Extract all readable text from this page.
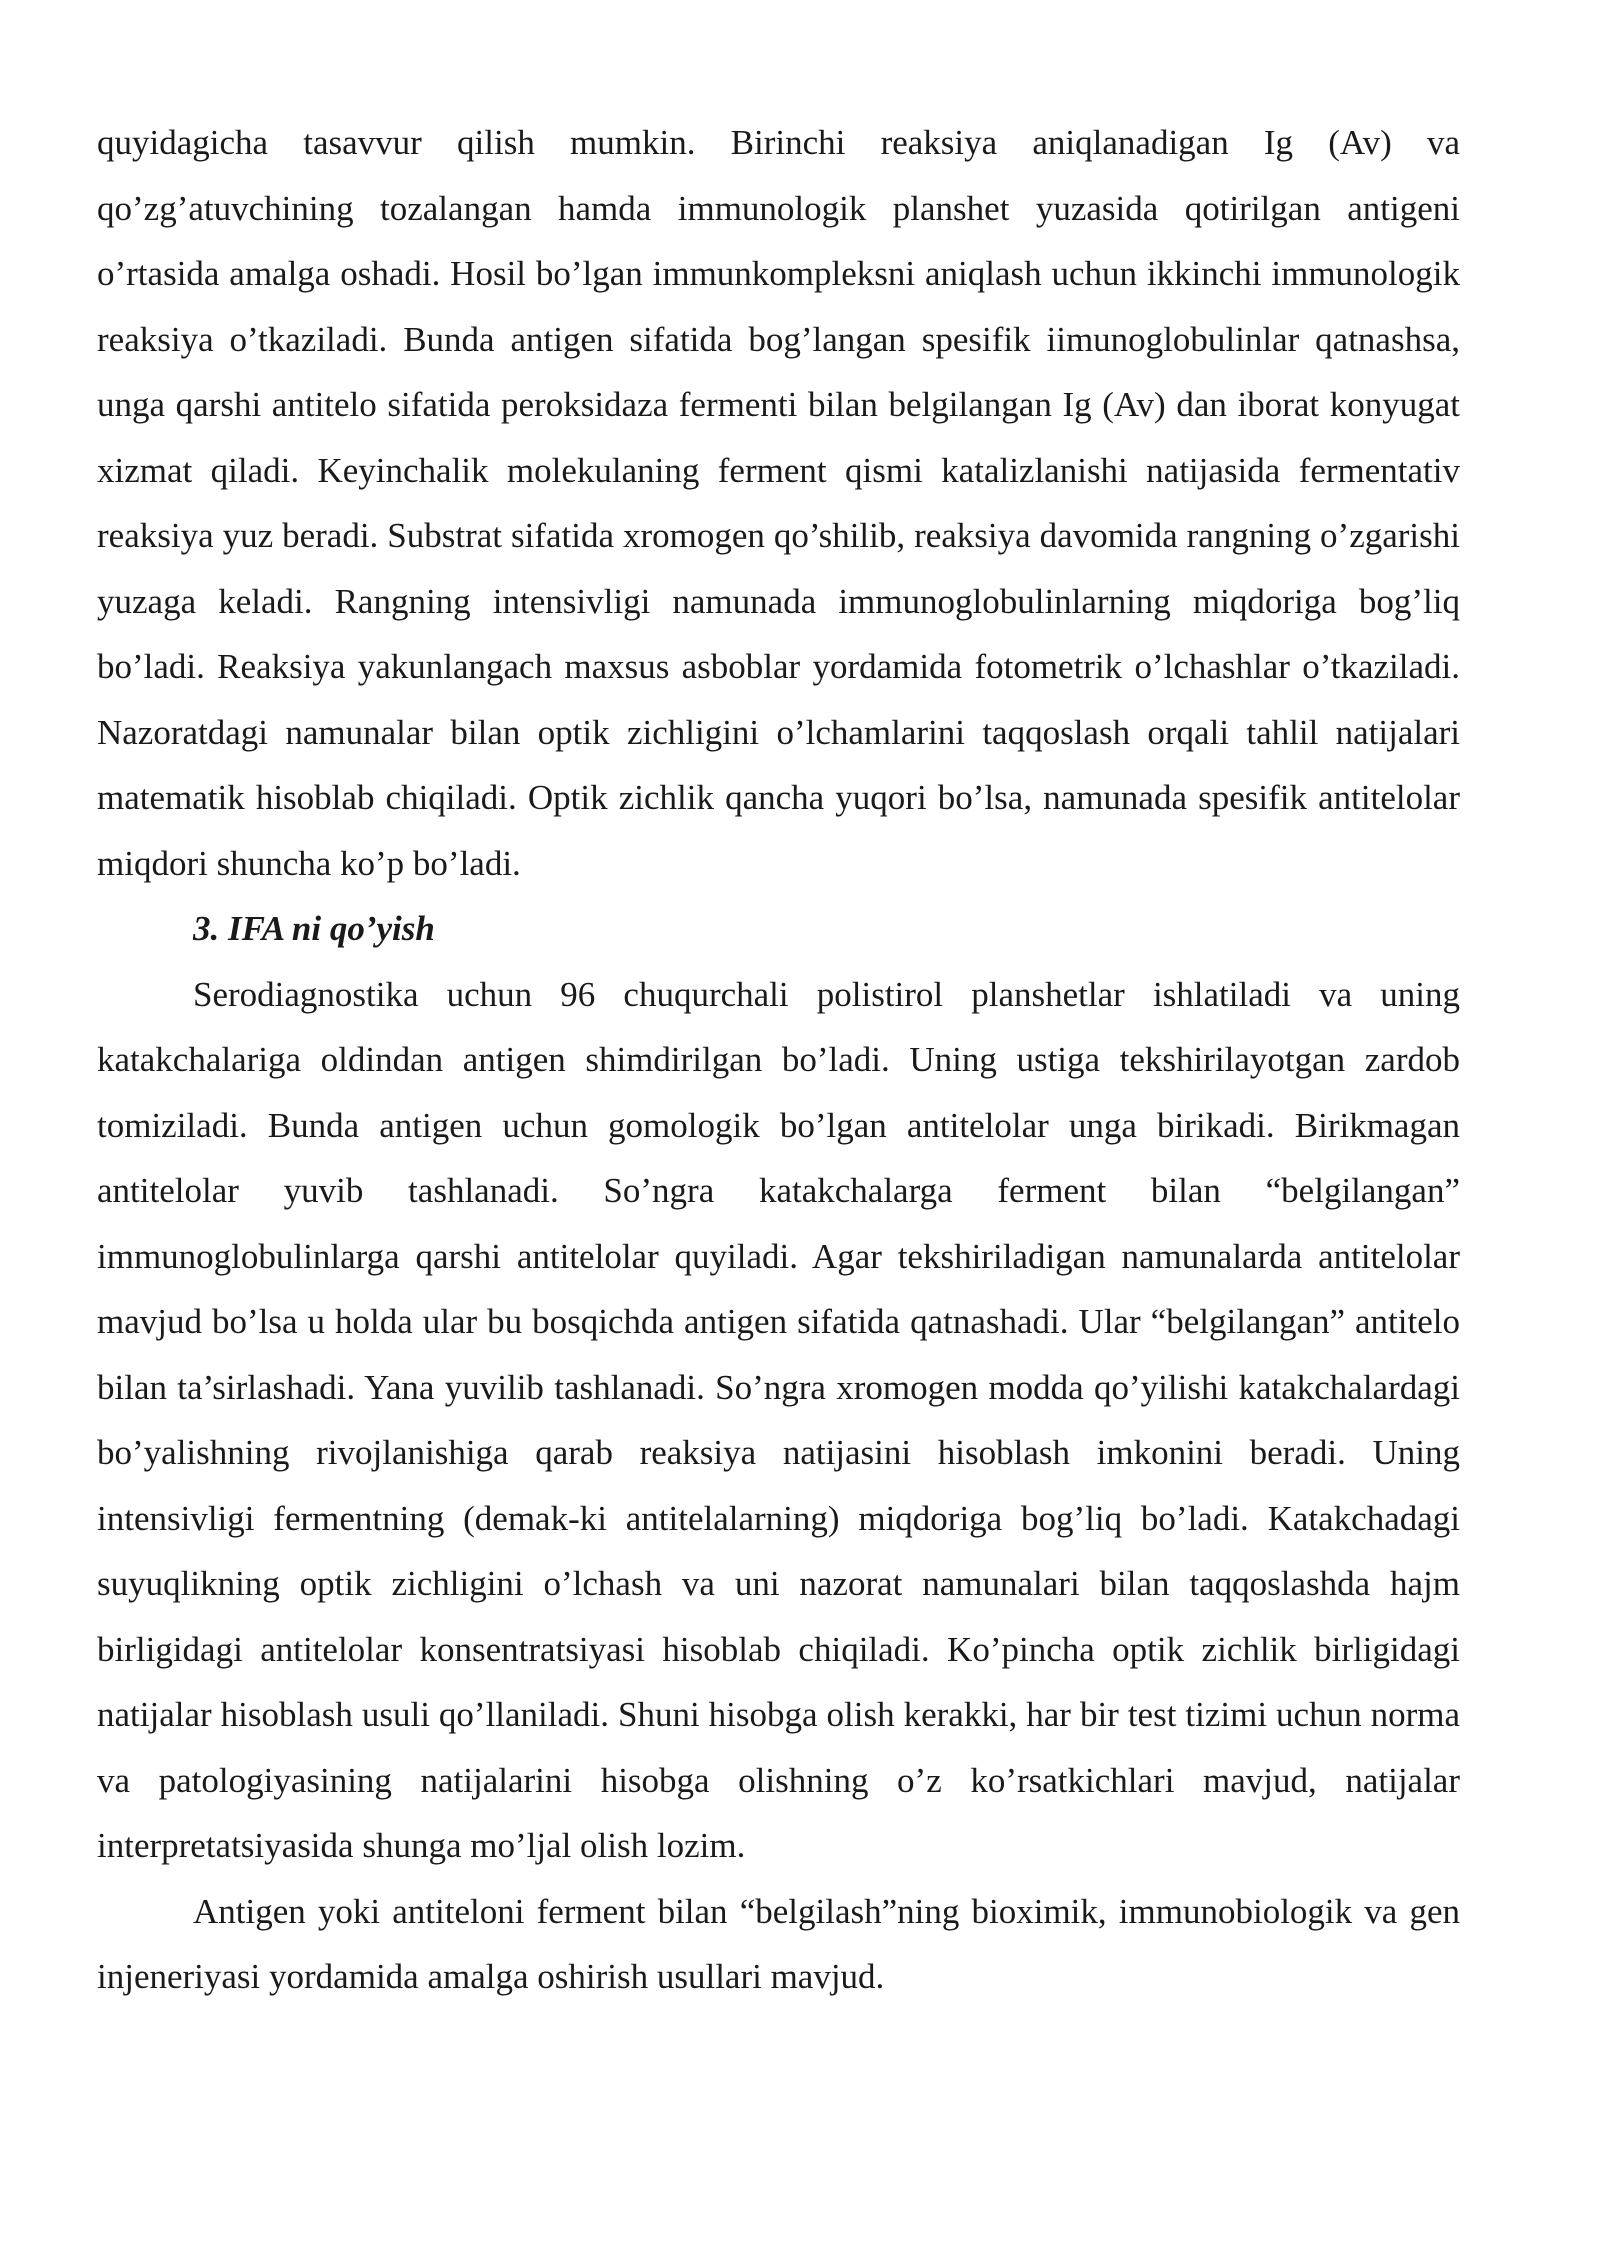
quyidagicha tasavvur qilish mumkin. Birinchi reaksiya aniqlanadigan Ig (Av) va qo’zg’atuvchining tozalangan hamda immunologik planshet yuzasida qotirilgan antigeni o’rtasida amalga oshadi. Hosil bo’lgan immunkompleksni aniqlash uchun ikkinchi immunologik reaksiya o’tkaziladi. Bunda antigen sifatida bog’langan spesifik iimunoglobulinlar qatnashsa, unga qarshi antitelo sifatida peroksidaza fermenti bilan belgilangan Ig (Av) dan iborat konyugat xizmat qiladi. Keyinchalik molekulaning ferment qismi katalizlanishi natijasida fermentativ reaksiya yuz beradi. Substrat sifatida xromogen qo’shilib, reaksiya davomida rangning o’zgarishi yuzaga keladi. Rangning intensivligi namunada immunoglobulinlarning miqdoriga bog’liq bo’ladi. Reaksiya yakunlangach maxsus asboblar yordamida fotometrik o’lchashlar o’tkaziladi. Nazoratdagi namunalar bilan optik zichligini o’lchamlarini taqqoslash orqali tahlil natijalari matematik hisoblab chiqiladi. Optik zichlik qancha yuqori bo’lsa, namunada spesifik antitelolar miqdori shuncha ko’p bo’ladi.

3. IFA ni qo’yish

Serodiagnostika uchun 96 chuqurchali polistirol planshetlar ishlatiladi va uning katakchalariga oldindan antigen shimdirilgan bo’ladi. Uning ustiga tekshirilayotgan zardob tomiziladi. Bunda antigen uchun gomologik bo’lgan antitelolar unga birikadi. Birikmagan antitelolar yuvib tashlanadi. So’ngra katakchalarga ferment bilan “belgilangan” immunoglobulinlarga qarshi antitelolar quyiladi. Agar tekshiriladigan namunalarda antitelolar mavjud bo’lsa u holda ular bu bosqichda antigen sifatida qatnashadi. Ular “belgilangan” antitelo bilan ta’sirlashadi. Yana yuvilib tashlanadi. So’ngra xromogen modda qo’yilishi katakchalardagi bo’yalishning rivojlanishiga qarab reaksiya natijasini hisoblash imkonini beradi. Uning intensivligi fermentning (demak-ki antitelalarning) miqdoriga bog’liq bo’ladi. Katakchadagi suyuqlikning optik zichligini o’lchash va uni nazorat namunalari bilan taqqoslashda hajm birligidagi antitelolar konsentratsiyasi hisoblab chiqiladi. Ko’pincha optik zichlik birligidagi natijalar hisoblash usuli qo’llaniladi. Shuni hisobga olish kerakki, har bir test tizimi uchun norma va patologiyasining natijalarini hisobga olishning o’z ko’rsatkichlari mavjud, natijalar interpretatsiyasida shunga mo’ljal olish lozim.

Antigen yoki antiteloni ferment bilan “belgilash”ning bioximik, immunobiologik va gen injeneriyasi yordamida amalga oshirish usullari mavjud.
